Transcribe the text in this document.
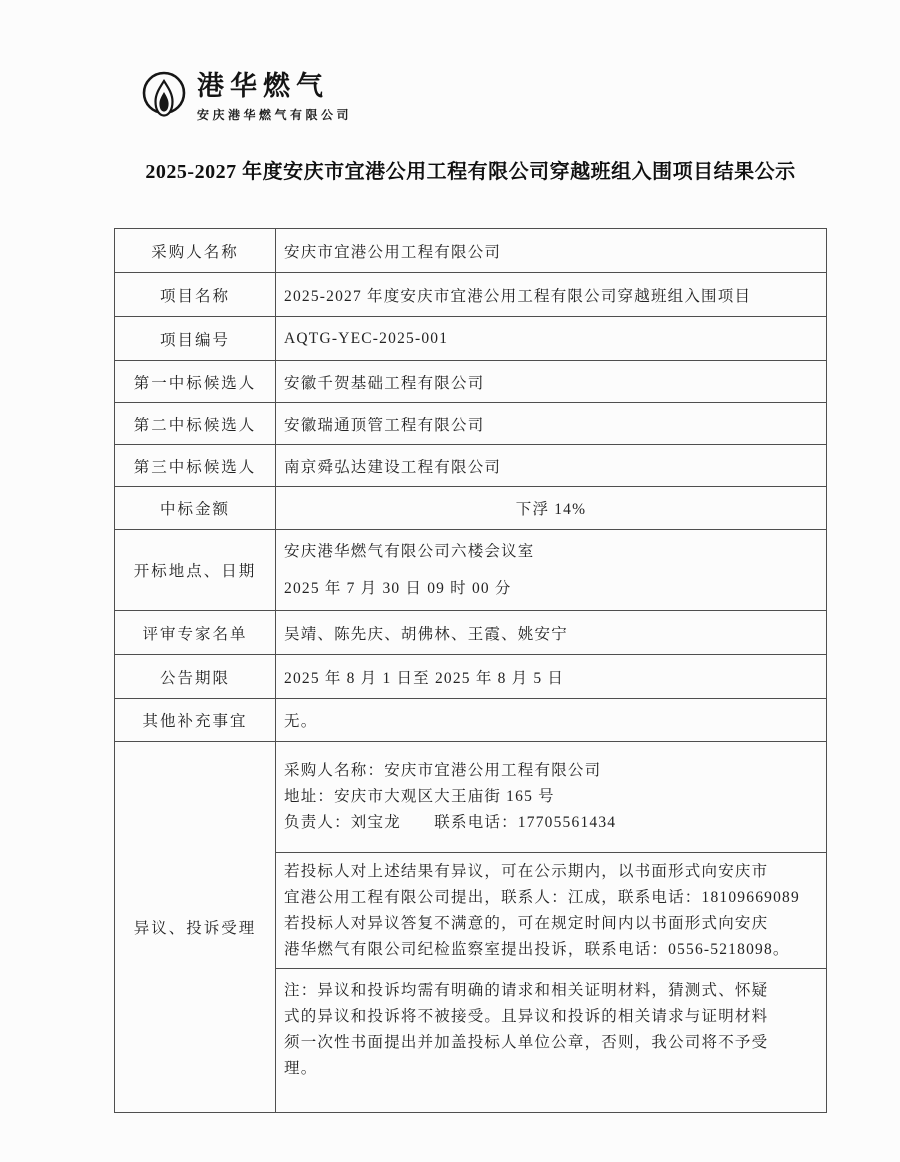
港华燃气
安庆港华燃气有限公司
2025-2027 年度安庆市宜港公用工程有限公司穿越班组入围项目结果公示
采购人名称	安庆市宜港公用工程有限公司
项目名称	2025-2027 年度安庆市宜港公用工程有限公司穿越班组入围项目
项目编号	AQTG-YEC-2025-001
第一中标候选人	安徽千贺基础工程有限公司
第二中标候选人	安徽瑞通顶管工程有限公司
第三中标候选人	南京舜弘达建设工程有限公司
中标金额	下浮 14%
开标地点、日期	安庆港华燃气有限公司六楼会议室
2025 年 7 月 30 日 09 时 00 分

评审专家名单	吴靖、陈先庆、胡佛林、王霞、姚安宁
公告期限	2025 年 8 月 1 日至 2025 年 8 月 5 日
其他补充事宜	无。
异议、投诉受理	采购人名称：安庆市宜港公用工程有限公司
地址：安庆市大观区大王庙街 165 号
负责人：刘宝龙　　联系电话：17705561434

	若投标人对上述结果有异议，可在公示期内，以书面形式向安庆市
宜港公用工程有限公司提出，联系人：江成，联系电话：18109669089
若投标人对异议答复不满意的，可在规定时间内以书面形式向安庆
港华燃气有限公司纪检监察室提出投诉，联系电话：0556-5218098。

	注：异议和投诉均需有明确的请求和相关证明材料，猜测式、怀疑
式的异议和投诉将不被接受。且异议和投诉的相关请求与证明材料
须一次性书面提出并加盖投标人单位公章，否则，我公司将不予受
理。
